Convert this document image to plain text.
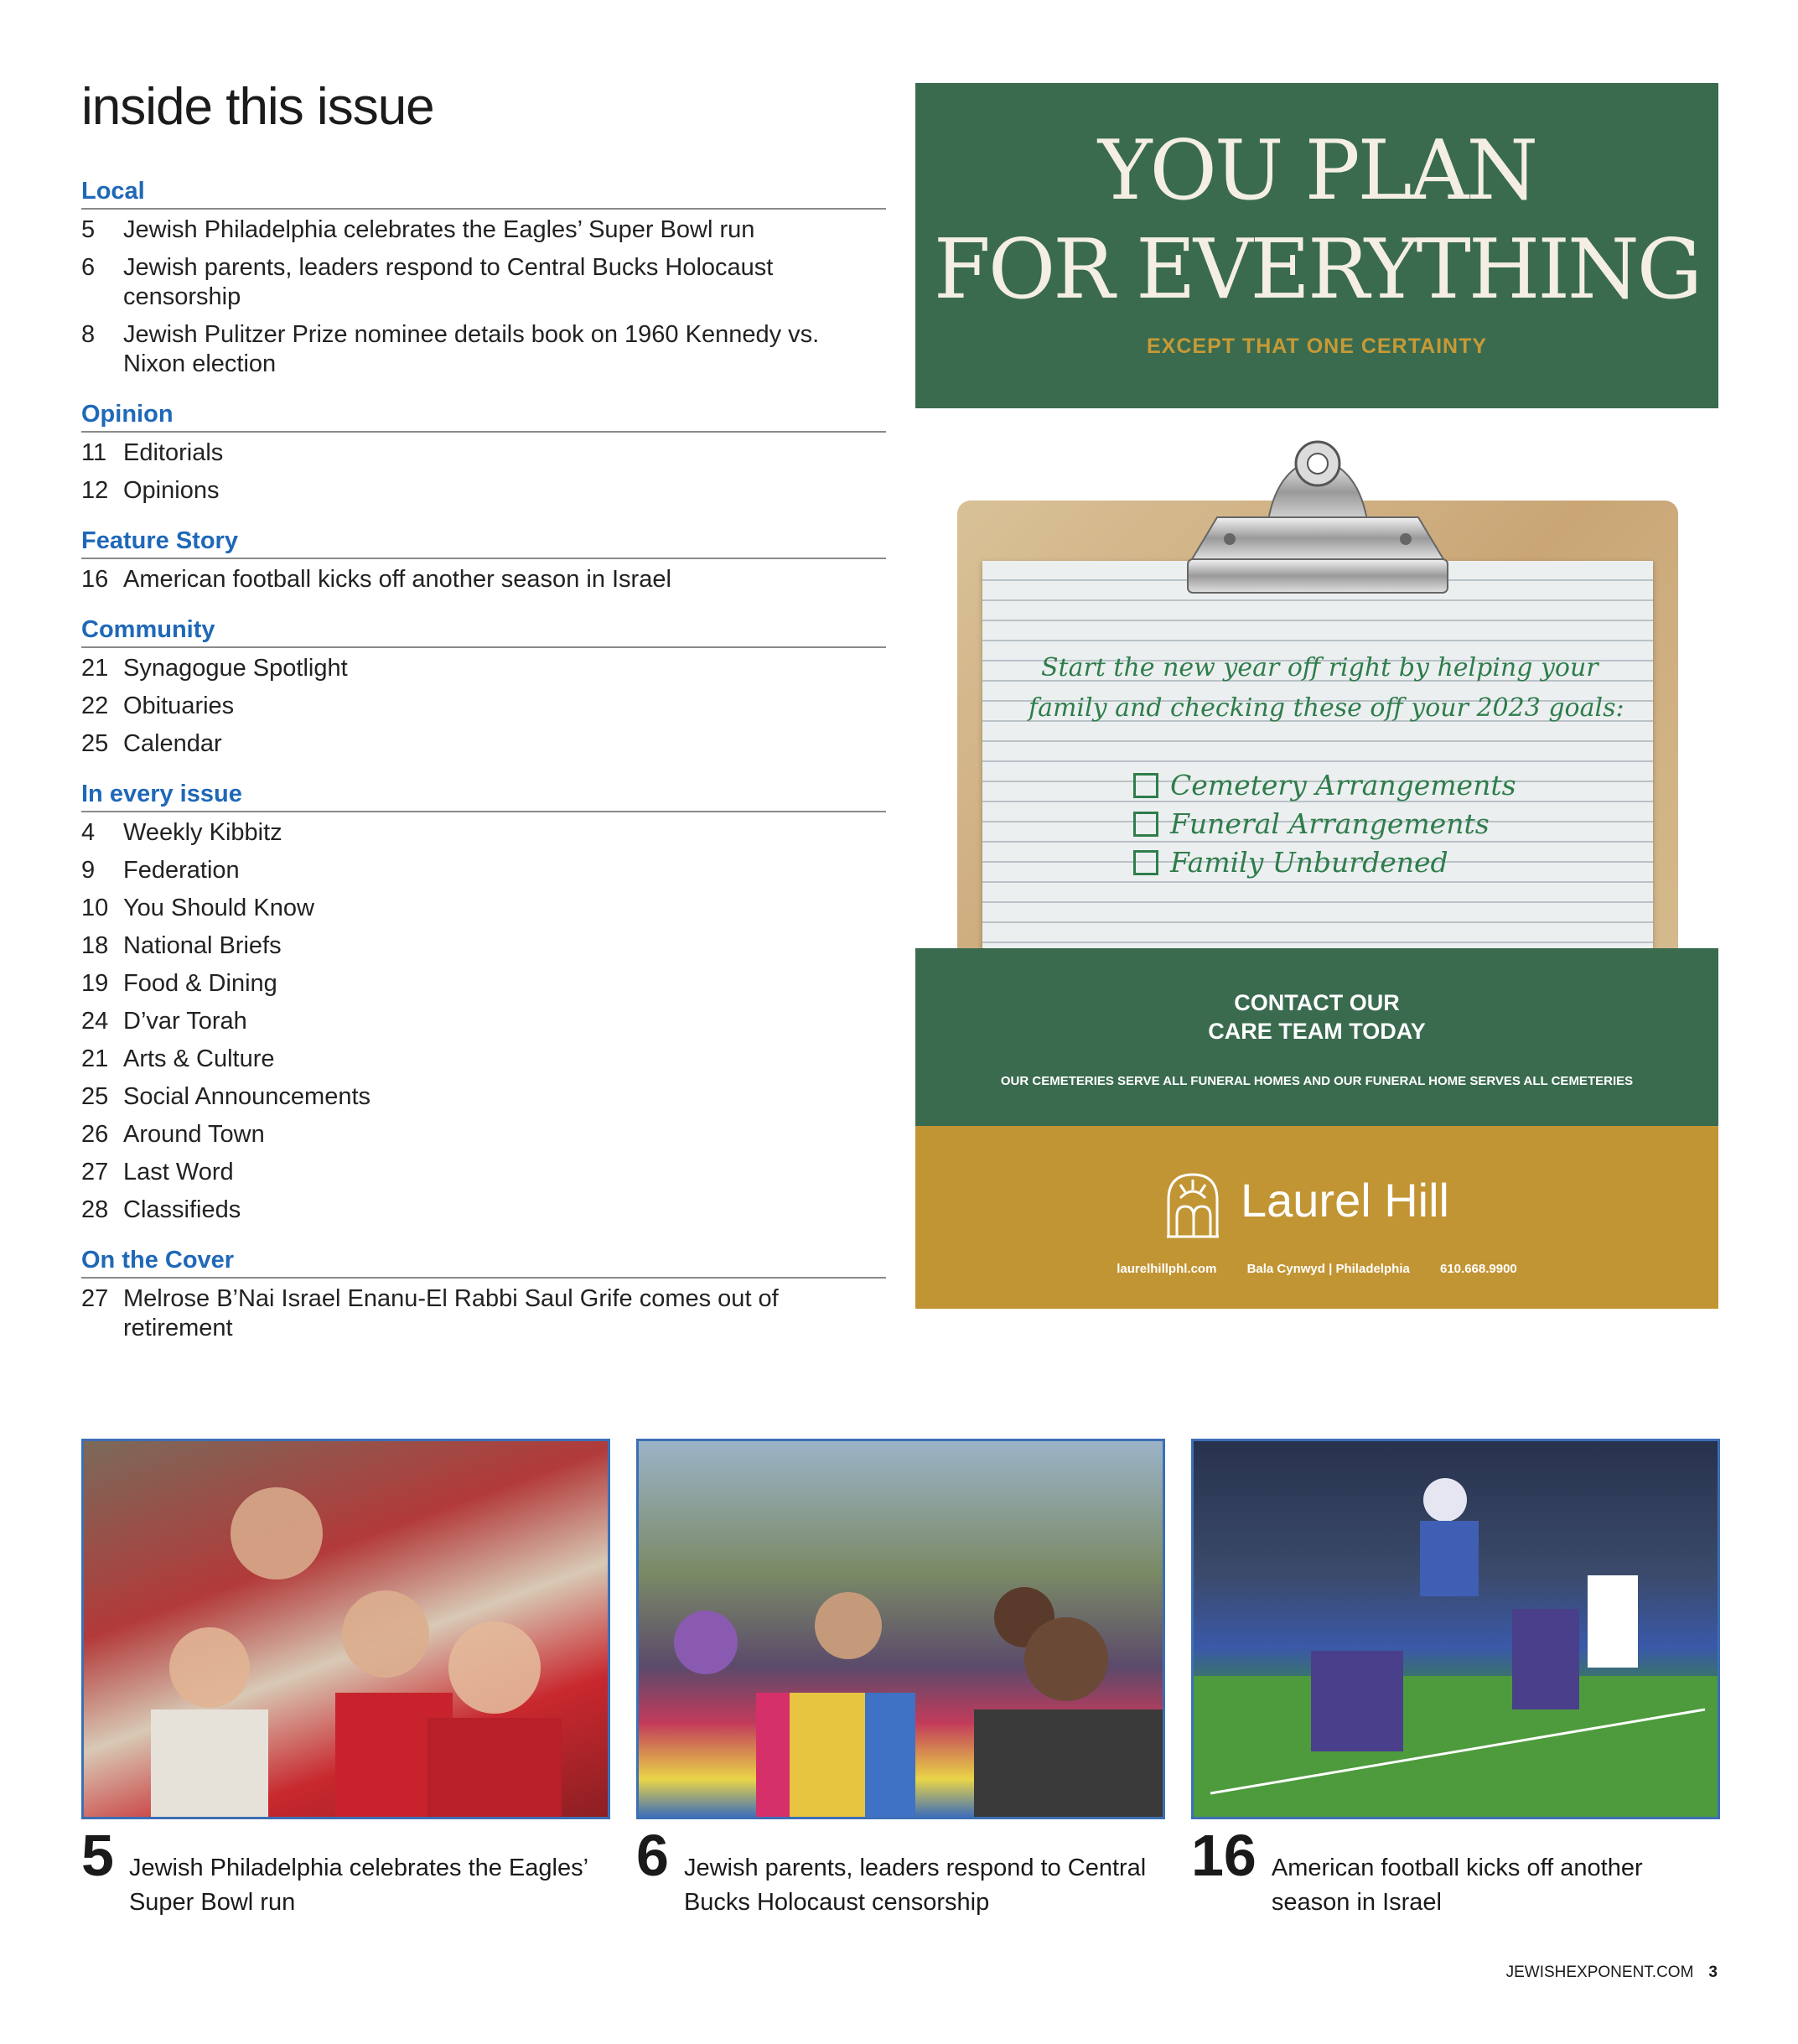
inside this issue
Local
5	Jewish Philadelphia celebrates the Eagles’ Super Bowl run
6	Jewish parents, leaders respond to Central Bucks Holocaust censorship
8	Jewish Pulitzer Prize nominee details book on 1960 Kennedy vs. Nixon election
Opinion
11 Editorials
12 Opinions
Feature Story
16 American football kicks off another season in Israel
Community
21 Synagogue Spotlight
22 Obituaries
25 Calendar
In every issue
4	Weekly Kibbitz
9	Federation
10 You Should Know
18 National Briefs
19 Food & Dining
24 D’var Torah
21 Arts & Culture
25 Social Announcements
26 Around Town
27 Last Word
28 Classifieds
On the Cover
27 Melrose B’Nai Israel Enanu-El Rabbi Saul Grife comes out of retirement
YOU PLAN
FOR EVERYTHING
EXCEPT THAT ONE CERTAINTY
Start the new year off right by helping your
family and checking these off your 2023 goals:
Cemetery Arrangements
Funeral Arrangements
Family Unburdened
CONTACT OUR
CARE TEAM TODAY
OUR CEMETERIES SERVE ALL FUNERAL HOMES AND OUR FUNERAL HOME SERVES ALL CEMETERIES
Laurel Hill
laurelhillphl.com Bala Cynwyd | Philadelphia 610.668.9900
5 Jewish Philadelphia celebrates the Eagles’ Super Bowl run
6 Jewish parents, leaders respond to Central Bucks Holocaust censorship
16 American football kicks off another season in Israel
JEWISHEXPONENT.COM 3
